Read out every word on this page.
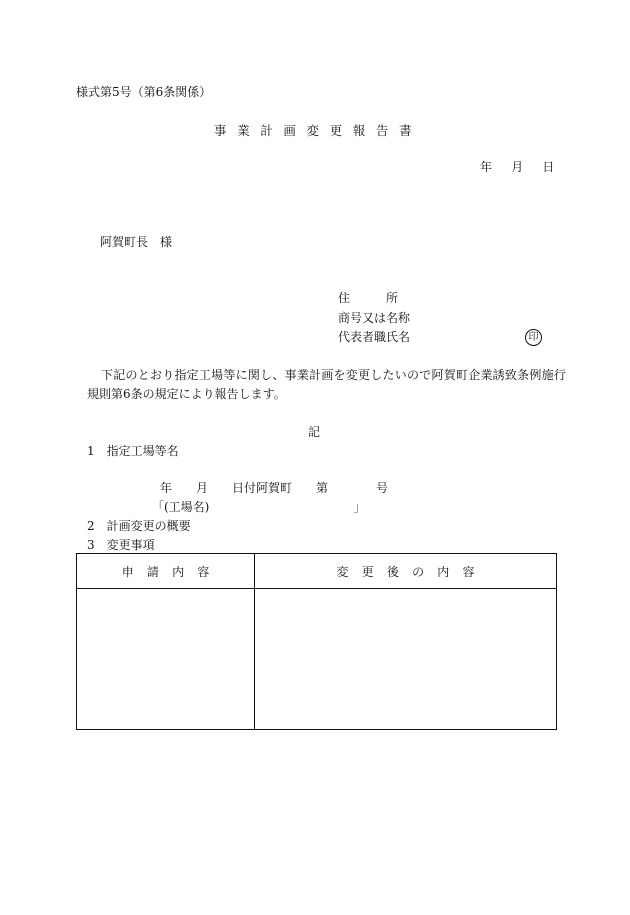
様式第5号（第6条関係）
事業計画変更報告書
年　月　日
阿賀町長　様
住　　　所
商号又は名称
代表者職氏名	印
下記のとおり指定工場等に関し、事業計画を変更したいので阿賀町企業誘致条例施行
規則第6条の規定により報告します。
記
1　指定工場等名
年　　月　　日付阿賀町　　第　　　　号
「(工場名)　　　　　　　　　　　　」
2　計画変更の概要
3　変更事項
申請内容	変更後の内容
